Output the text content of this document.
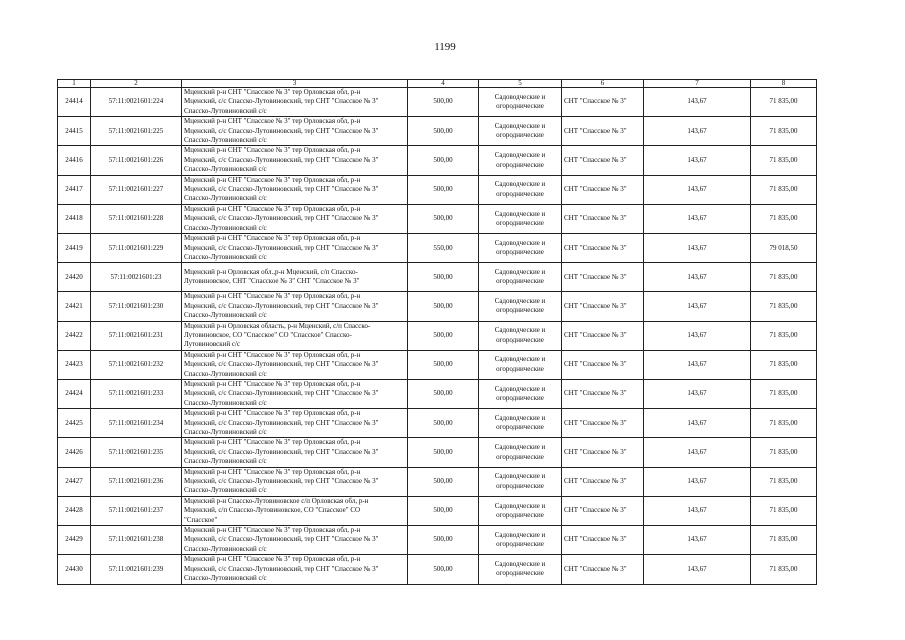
1199
1	2	3	4	5	6	7	8
24414	57:11:0021601:224	Мценский р-н СНТ "Спасское № 3" тер Орловская обл, р-н
Мценский, с/с Спасско-Лутовиновский, тер СНТ "Спасское № 3"
Спасско-Лутовиновский с/с	500,00	Садоводческие и огороднические	СНТ "Спасское № 3"	143,67	71 835,00
24415	57:11:0021601:225	Мценский р-н СНТ "Спасское № 3" тер Орловская обл, р-н
Мценский, с/с Спасско-Лутовиновский, тер СНТ "Спасское № 3"
Спасско-Лутовиновский с/с	500,00	Садоводческие и огороднические	СНТ "Спасское № 3"	143,67	71 835,00
24416	57:11:0021601:226	Мценский р-н СНТ "Спасское № 3" тер Орловская обл, р-н
Мценский, с/с Спасско-Лутовиновский, тер СНТ "Спасское № 3"
Спасско-Лутовиновский с/с	500,00	Садоводческие и огороднические	СНТ "Спасское № 3"	143,67	71 835,00
24417	57:11:0021601:227	Мценский р-н СНТ "Спасское № 3" тер Орловская обл, р-н
Мценский, с/с Спасско-Лутовиновский, тер СНТ "Спасское № 3"
Спасско-Лутовиновский с/с	500,00	Садоводческие и огороднические	СНТ "Спасское № 3"	143,67	71 835,00
24418	57:11:0021601:228	Мценский р-н СНТ "Спасское № 3" тер Орловская обл, р-н
Мценский, с/с Спасско-Лутовиновский, тер СНТ "Спасское № 3"
Спасско-Лутовиновский с/с	500,00	Садоводческие и огороднические	СНТ "Спасское № 3"	143,67	71 835,00
24419	57:11:0021601:229	Мценский р-н СНТ "Спасское № 3" тер Орловская обл, р-н
Мценский, с/с Спасско-Лутовиновский, тер СНТ "Спасское № 3"
Спасско-Лутовиновский с/с	550,00	Садоводческие и огороднические	СНТ "Спасское № 3"	143,67	79 018,50
24420	57:11:0021601:23	Мценский р-н Орловская обл.,р-н Мценский, с/п Спасско-
Лутовиновское, СНТ "Спасское № 3" СНТ "Спасское № 3"	500,00	Садоводческие и огороднические	СНТ "Спасское № 3"	143,67	71 835,00
24421	57:11:0021601:230	Мценский р-н СНТ "Спасское № 3" тер Орловская обл, р-н
Мценский, с/с Спасско-Лутовиновский, тер СНТ "Спасское № 3"
Спасско-Лутовиновский с/с	500,00	Садоводческие и огороднические	СНТ "Спасское № 3"	143,67	71 835,00
24422	57:11:0021601:231	Мценский р-н Орловская область, р-н Мценский, с/п Спасско-
Лутовиновское, СО "Спасское" СО "Спасское" Спасско-
Лутовиновский с/с	500,00	Садоводческие и огороднические	СНТ "Спасское № 3"	143,67	71 835,00
24423	57:11:0021601:232	Мценский р-н СНТ "Спасское № 3" тер Орловская обл, р-н
Мценский, с/с Спасско-Лутовиновский, тер СНТ "Спасское № 3"
Спасско-Лутовиновский с/с	500,00	Садоводческие и огороднические	СНТ "Спасское № 3"	143,67	71 835,00
24424	57:11:0021601:233	Мценский р-н СНТ "Спасское № 3" тер Орловская обл, р-н
Мценский, с/с Спасско-Лутовиновский, тер СНТ "Спасское № 3"
Спасско-Лутовиновский с/с	500,00	Садоводческие и огороднические	СНТ "Спасское № 3"	143,67	71 835,00
24425	57:11:0021601:234	Мценский р-н СНТ "Спасское № 3" тер Орловская обл, р-н
Мценский, с/с Спасско-Лутовиновский, тер СНТ "Спасское № 3"
Спасско-Лутовиновский с/с	500,00	Садоводческие и огороднические	СНТ "Спасское № 3"	143,67	71 835,00
24426	57:11:0021601:235	Мценский р-н СНТ "Спасское № 3" тер Орловская обл, р-н
Мценский, с/с Спасско-Лутовиновский, тер СНТ "Спасское № 3"
Спасско-Лутовиновский с/с	500,00	Садоводческие и огороднические	СНТ "Спасское № 3"	143,67	71 835,00
24427	57:11:0021601:236	Мценский р-н СНТ "Спасское № 3" тер Орловская обл, р-н
Мценский, с/с Спасско-Лутовиновский, тер СНТ "Спасское № 3"
Спасско-Лутовиновский с/с	500,00	Садоводческие и огороднические	СНТ "Спасское № 3"	143,67	71 835,00
24428	57:11:0021601:237	Мценский р-н Спасско-Лутовиновское с/п Орловская обл, р-н
Мценский, с/п Спасско-Лутовиновское, СО "Спасское" СО
"Спасское"	500,00	Садоводческие и огороднические	СНТ "Спасское № 3"	143,67	71 835,00
24429	57:11:0021601:238	Мценский р-н СНТ "Спасское № 3" тер Орловская обл, р-н
Мценский, с/с Спасско-Лутовиновский, тер СНТ "Спасское № 3"
Спасско-Лутовиновский с/с	500,00	Садоводческие и огороднические	СНТ "Спасское № 3"	143,67	71 835,00
24430	57:11:0021601:239	Мценский р-н СНТ "Спасское № 3" тер Орловская обл, р-н
Мценский, с/с Спасско-Лутовиновский, тер СНТ "Спасское № 3"
Спасско-Лутовиновский с/с	500,00	Садоводческие и огороднические	СНТ "Спасское № 3"	143,67	71 835,00
